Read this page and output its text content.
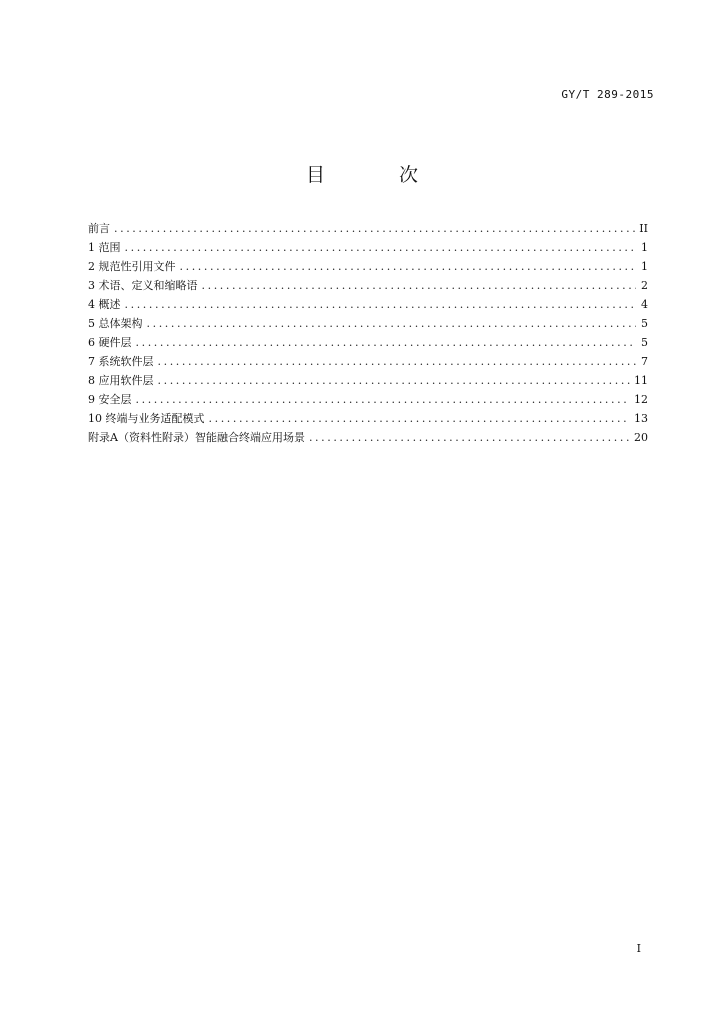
GY/T 289-2015
目 次
前言 .....	II
1 范围 .....	1
2 规范性引用文件 .....	1
3 术语、定义和缩略语 .....	2
4 概述 .....	4
5 总体架构 .....	5
6 硬件层 .....	5
7 系统软件层 .....	7
8 应用软件层 .....	11
9 安全层 .....	12
10 终端与业务适配模式 .....	13
附录A（资料性附录）智能融合终端应用场景 .....	20
I
